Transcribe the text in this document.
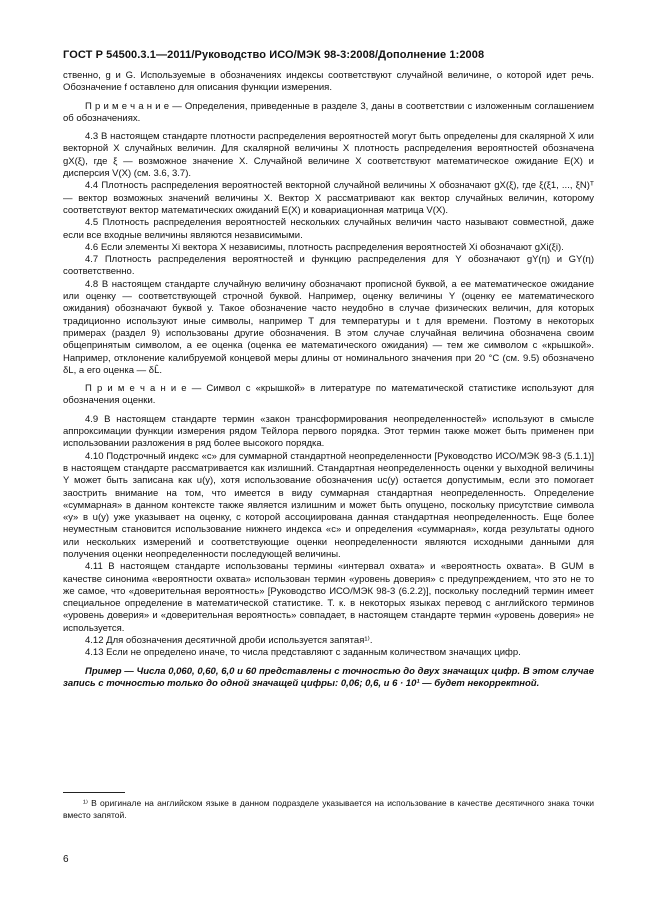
ГОСТ Р 54500.3.1—2011/Руководство ИСО/МЭК 98-3:2008/Дополнение 1:2008

ственно, g и G. Используемые в обозначениях индексы соответствуют случайной величине, о которой идет речь. Обозначение f оставлено для описания функции измерения.

П р и м е ч а н и е — Определения, приведенные в разделе 3, даны в соответствии с изложенным соглашением об обозначениях.

4.3 В настоящем стандарте плотности распределения вероятностей могут быть определены для скалярной X или векторной X случайных величин. Для скалярной величины X плотность распределения вероятностей обозначена gX(ξ), где ξ — возможное значение X. Случайной величине X соответствуют математическое ожидание E(X) и дисперсия V(X) (см. 3.6, 3.7).

4.4 Плотность распределения вероятностей векторной случайной величины X обозначают gX(ξ), где ξ(ξ1, ..., ξN)ᵀ — вектор возможных значений величины X. Вектор X рассматривают как вектор случайных величин, которому соответствуют вектор математических ожиданий E(X) и ковариационная матрица V(X).

4.5 Плотность распределения вероятностей нескольких случайных величин часто называют совместной, даже если все входные величины являются независимыми.

4.6 Если элементы Xi вектора X независимы, плотность распределения вероятностей Xi обозначают gXi(ξi).

4.7 Плотность распределения вероятностей и функцию распределения для Y обозначают gY(η) и GY(η) соответственно.

4.8 В настоящем стандарте случайную величину обозначают прописной буквой, а ее математическое ожидание или оценку — соответствующей строчной буквой. Например, оценку величины Y (оценку ее математического ожидания) обозначают буквой y. Такое обозначение часто неудобно в случае физических величин, для которых традиционно используют иные символы, например T для температуры и t для времени. Поэтому в некоторых примерах (раздел 9) использованы другие обозначения. В этом случае случайная величина обозначена своим общепринятым символом, а ее оценка (оценка ее математического ожидания) — тем же символом с «крышкой». Например, отклонение калибруемой концевой меры длины от номинального значения при 20 °C (см. 9.5) обозначено δL, а его оценка — δL̂.

П р и м е ч а н и е — Символ с «крышкой» в литературе по математической статистике используют для обозначения оценки.

4.9 В настоящем стандарте термин «закон трансформирования неопределенностей» используют в смысле аппроксимации функции измерения рядом Тейлора первого порядка. Этот термин также может быть применен при использовании разложения в ряд более высокого порядка.

4.10 Подстрочный индекс «c» для суммарной стандартной неопределенности [Руководство ИСО/МЭК 98-3 (5.1.1)] в настоящем стандарте рассматривается как излишний. Стандартная неопределенность оценки y выходной величины Y может быть записана как u(y), хотя использование обозначения uc(y) остается допустимым, если это помогает заострить внимание на том, что имеется в виду суммарная стандартная неопределенность. Определение «суммарная» в данном контексте также является излишним и может быть опущено, поскольку присутствие символа «y» в u(y) уже указывает на оценку, с которой ассоциирована данная стандартная неопределенность. Еще более неуместным становится использование нижнего индекса «c» и определения «суммарная», когда результаты одного или нескольких измерений и соответствующие оценки неопределенности являются исходными данными для получения оценки неопределенности последующей величины.

4.11 В настоящем стандарте использованы термины «интервал охвата» и «вероятность охвата». В GUM в качестве синонима «вероятности охвата» использован термин «уровень доверия» с предупреждением, что это не то же самое, что «доверительная вероятность» [Руководство ИСО/МЭК 98-3 (6.2.2)], поскольку последний термин имеет специальное определение в математической статистике. Т. к. в некоторых языках перевод с английского терминов «уровень доверия» и «доверительная вероятность» совпадает, в настоящем стандарте термин «уровень доверия» не используется.

4.12 Для обозначения десятичной дроби используется запятая¹⁾.

4.13 Если не определено иначе, то числа представляют с заданным количеством значащих цифр.

Пример — Числа 0,060, 0,60, 6,0 и 60 представлены с точностью до двух значащих цифр. В этом случае запись с точностью только до одной значащей цифры: 0,06; 0,6, и 6 · 10¹ — будет некорректной.

¹⁾ В оригинале на английском языке в данном подразделе указывается на использование в качестве десятичного знака точки вместо запятой.
6
